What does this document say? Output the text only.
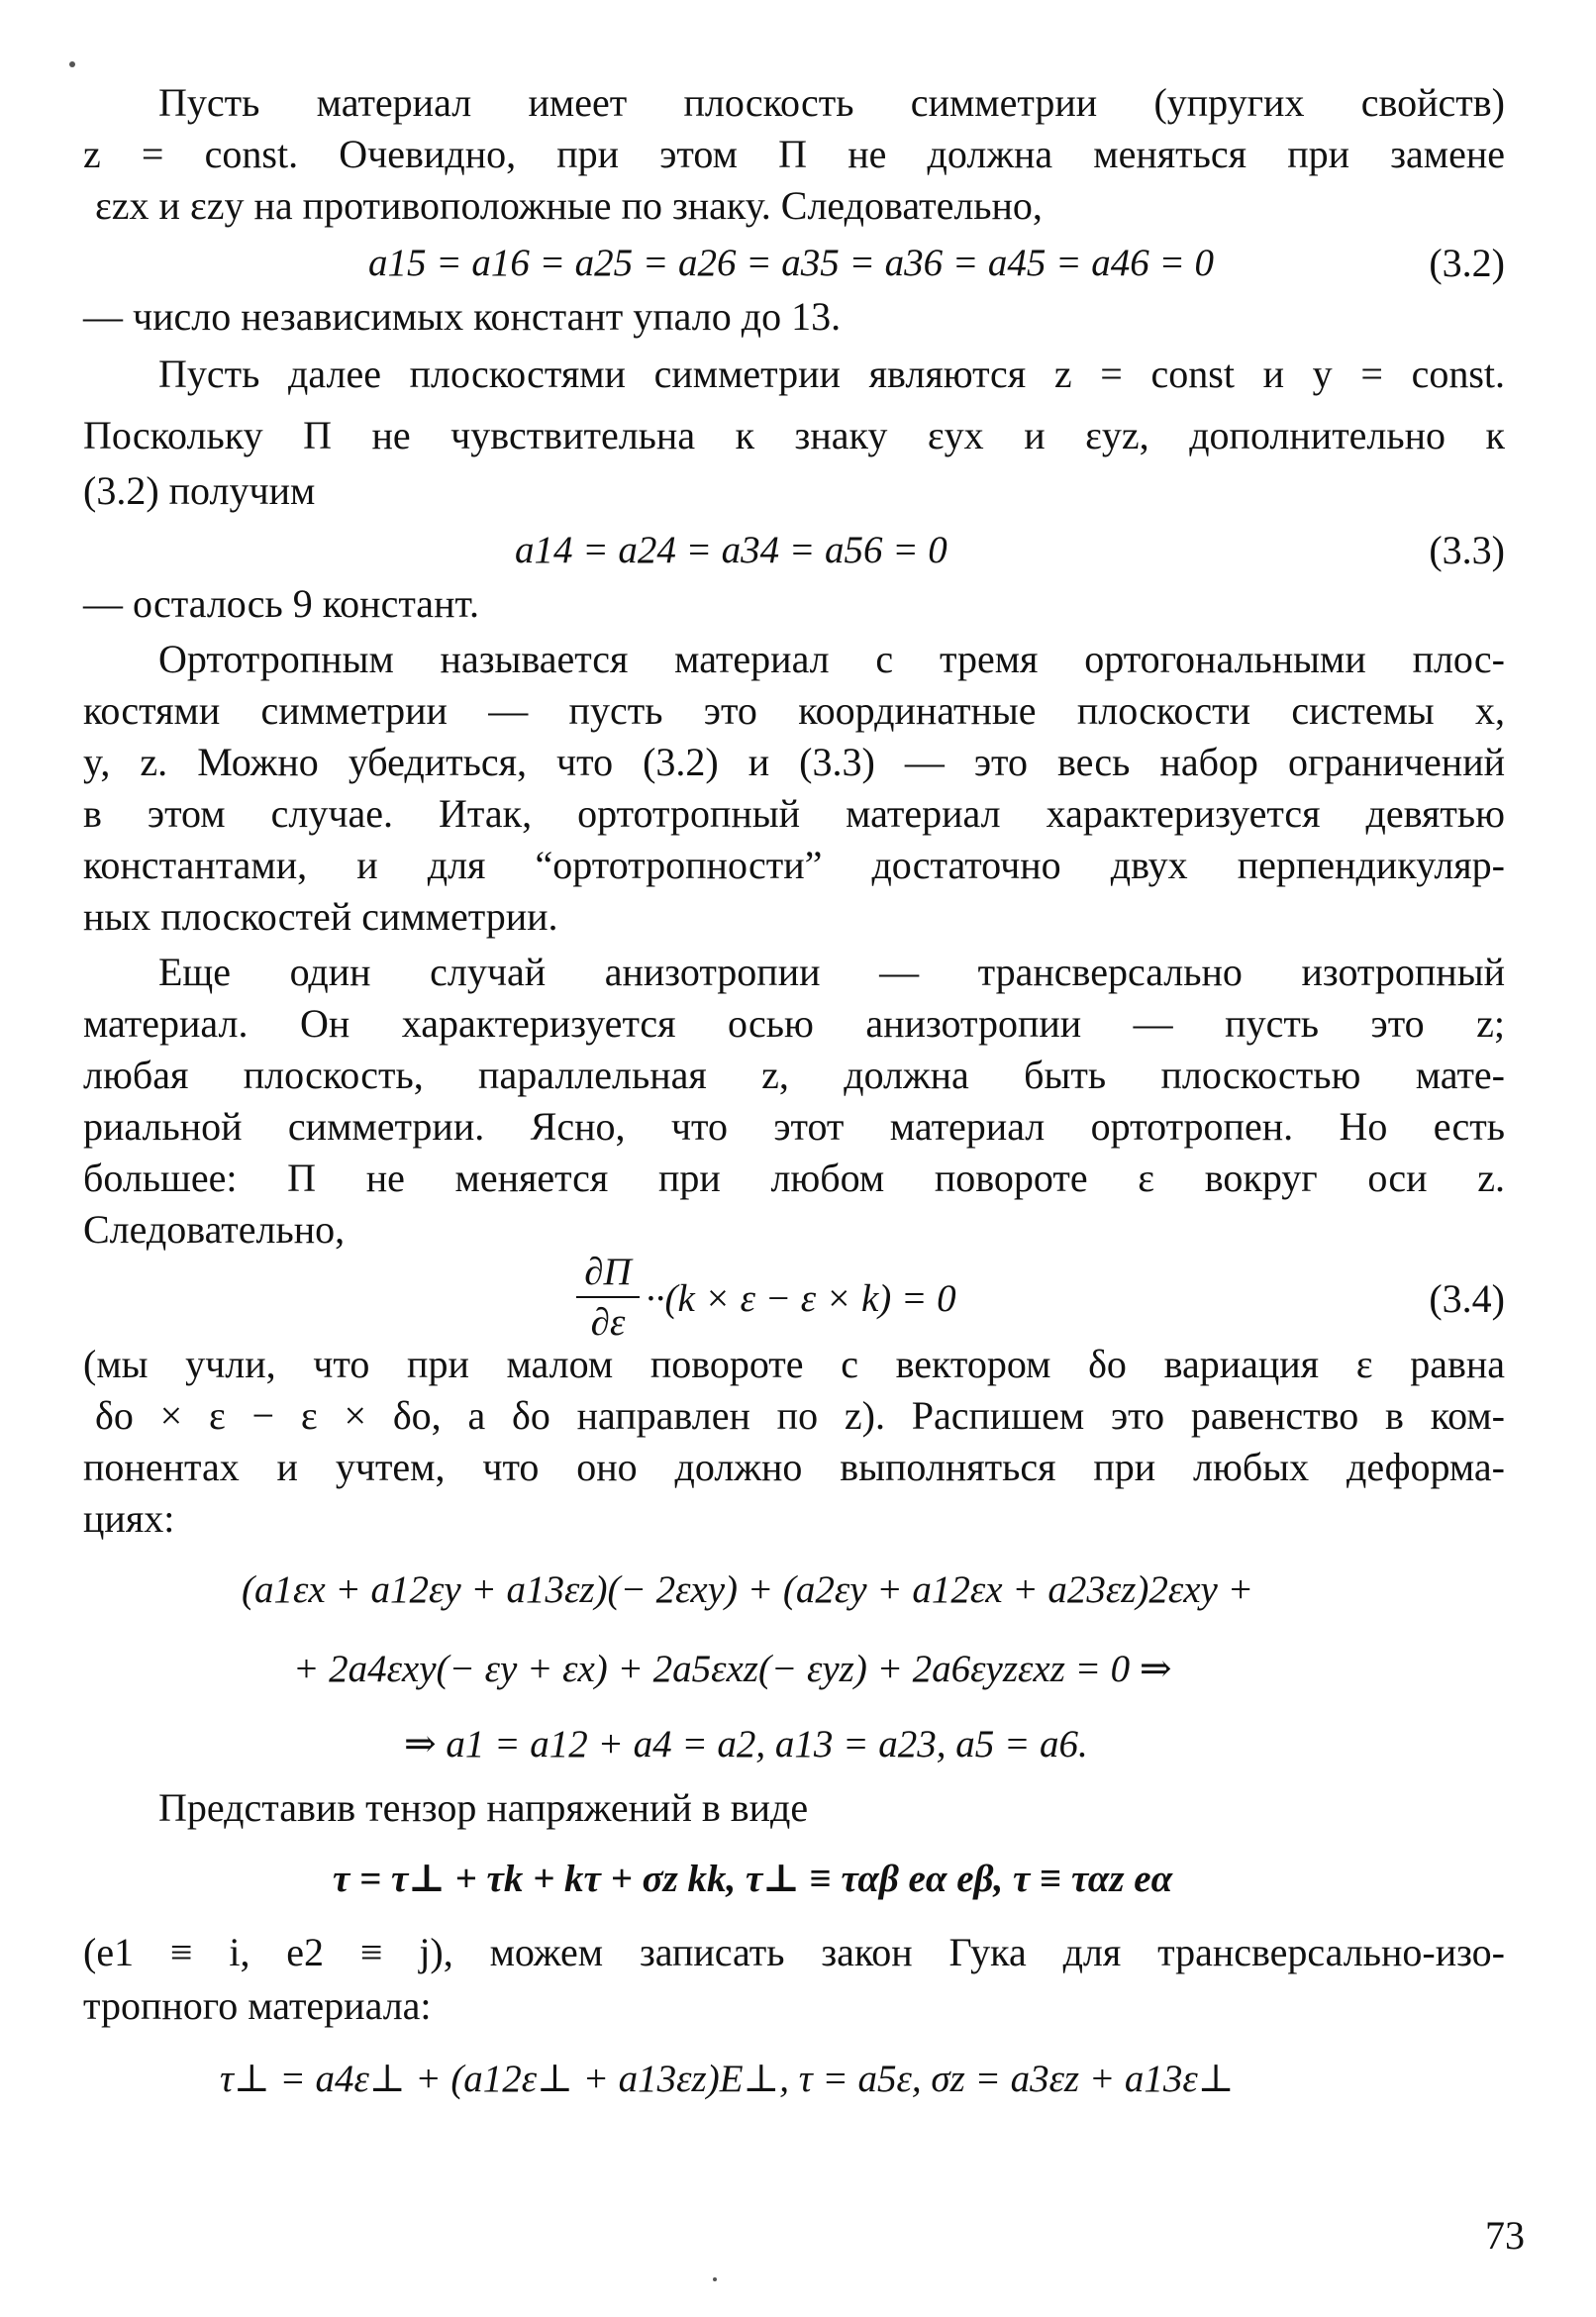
Пусть материал имеет плоскость симметрии (упругих свойств)
z = const. Очевидно, при этом П не должна меняться при замене
εzx и εzy на противоположные по знаку. Следовательно,
a15 = a16 = a25 = a26 = a35 = a36 = a45 = a46 = 0	(3.2)
— число независимых констант упало до 13.
Пусть далее плоскостями симметрии являются z = const и y = const.
Поскольку П не чувствительна к знаку εyx и εyz, дополнительно к
(3.2) получим
a14 = a24 = a34 = a56 = 0	(3.3)
— осталось 9 констант.
Ортотропным называется материал с тремя ортогональными плос-
костями симметрии — пусть это координатные плоскости системы x,
y, z. Можно убедиться, что (3.2) и (3.3) — это весь набор ограничений
в этом случае. Итак, ортотропный материал характеризуется девятью
константами, и для “ортотропности” достаточно двух перпендикуляр-
ных плоскостей симметрии.
Еще один случай анизотропии — трансверсально изотропный
материал. Он характеризуется осью анизотропии — пусть это z;
любая плоскость, параллельная z, должна быть плоскостью мате-
риальной симметрии. Ясно, что этот материал ортотропен. Но есть
большее: П не меняется при любом повороте ε вокруг оси z.
Следовательно,
∂П
∂ε
··(k × ε − ε × k) = 0	(3.4)
(мы учли, что при малом повороте с вектором δo вариация ε равна
δo × ε − ε × δo, а δo направлен по z). Распишем это равенство в ком-
понентах и учтем, что оно должно выполняться при любых деформа-
циях:
(a1εx + a12εy + a13εz)(− 2εxy) + (a2εy + a12εx + a23εz)2εxy +
+ 2a4εxy(− εy + εx) + 2a5εxz(− εyz) + 2a6εyzεxz = 0 ⇒
⇒ a1 = a12 + a4 = a2, a13 = a23, a5 = a6.
Представив тензор напряжений в виде
τ = τ⊥ + τk + kτ + σz kk, τ⊥ ≡ ταβ eα eβ, τ ≡ ταz eα
(e1 ≡ i, e2 ≡ j), можем записать закон Гука для трансверсально-изо-
тропного материала:
τ⊥ = a4ε⊥ + (a12ε⊥ + a13εz)E⊥, τ = a5ε, σz = a3εz + a13ε⊥
73
